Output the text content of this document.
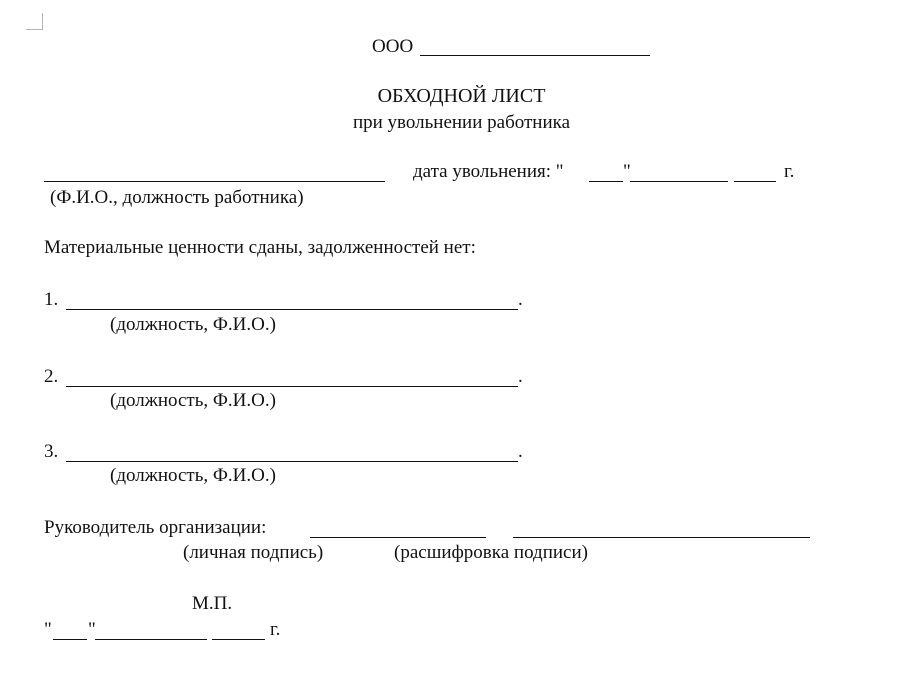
ООО
ОБХОДНОЙ ЛИСТ
при увольнении работника
дата увольнения: "	"	г.
(Ф.И.О., должность работника)
Материальные ценности сданы, задолженностей нет:
1.	.
(должность, Ф.И.О.)
2.	.
(должность, Ф.И.О.)
3.	.
(должность, Ф.И.О.)
Руководитель организации:
(личная подпись)	(расшифровка подписи)
М.П.
" "	г.
